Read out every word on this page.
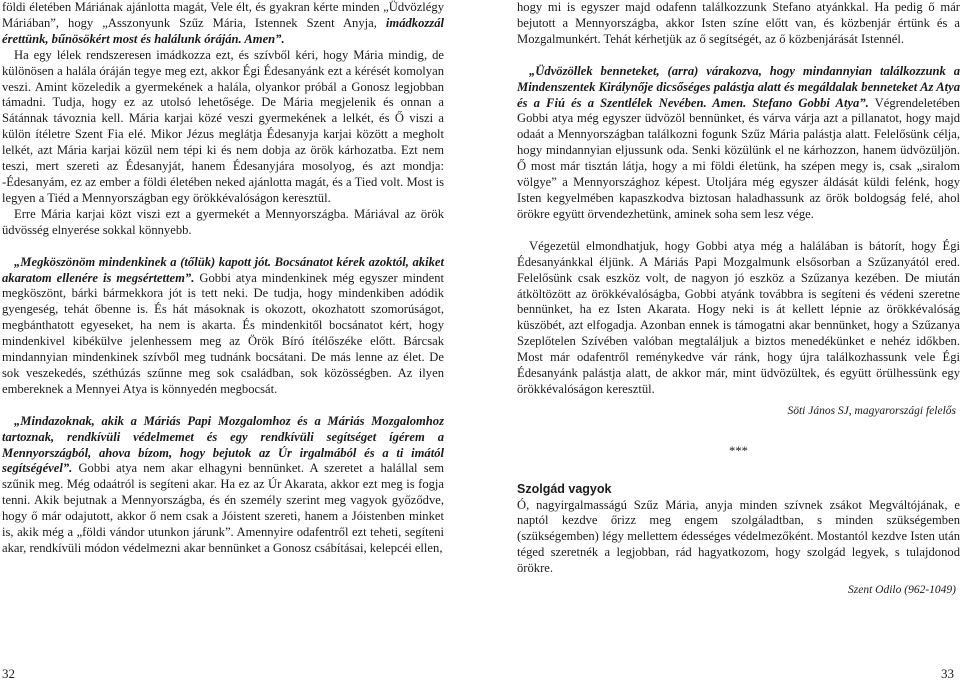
földi életében Máriának ajánlotta magát, Vele élt, és gyakran kérte minden „Üdvözlégy Máriában”, hogy „Asszonyunk Szűz Mária, Istennek Szent Anyja, imádkozzál érettünk, bűnösökért most és halálunk óráján. Amen”.

Ha egy lélek rendszeresen imádkozza ezt, és szívből kéri, hogy Mária mindig, de különösen a halála óráján tegye meg ezt, akkor Égi Édesanyánk ezt a kérését komolyan veszi. Amint közeledik a gyermekének a halála, olyankor próbál a Gonosz legjobban támadni. Tudja, hogy ez az utolsó lehetősége. De Mária megjelenik és onnan a Sátánnak távoznia kell. Mária karjai közé veszi gyermekének a lelkét, és Ő viszi a külön ítéletre Szent Fia elé. Mikor Jézus meglátja Édesanyja karjai között a megholt lelkét, azt Mária karjai közül nem tépi ki és nem dobja az örök kárhozatba. Ezt nem teszi, mert szereti az Édesanyját, hanem Édesanyjára mosolyog, és azt mondja: -Édesanyám, ez az ember a földi életében neked ajánlotta magát, és a Tied volt. Most is legyen a Tiéd a Mennyországban egy örökkévalóságon keresztül.

Erre Mária karjai közt viszi ezt a gyermekét a Mennyországba. Máriával az örök üdvösség elnyerése sokkal könnyebb.

„Megköszönöm mindenkinek a (tőlük) kapott jót. Bocsánatot kérek azoktól, akiket akaratom ellenére is megsértettem”. Gobbi atya mindenkinek még egyszer mindent megköszönt, bárki bármekkora jót is tett neki. De tudja, hogy mindenkiben adódik gyengeség, tehát őbenne is. És hát másoknak is okozott, okozhatott szomorúságot, megbánthatott egyeseket, ha nem is akarta. És mindenkitől bocsánatot kért, hogy mindenkivel kibékülve jelenhessem meg az Örök Bíró ítélőszéke előtt. Bárcsak mindannyian mindenkinek szívből meg tudnánk bocsátani. De más lenne az élet. De sok veszekedés, széthúzás szűnne meg sok családban, sok közösségben. Az ilyen embereknek a Mennyei Atya is könnyedén megbocsát.

„Mindazoknak, akik a Máriás Papi Mozgalomhoz és a Máriás Mozgalomhoz tartoznak, rendkívüli védelmemet és egy rendkívüli segítséget ígérem a Mennyországból, ahova bízom, hogy bejutok az Úr irgalmából és a ti imától segítségével”. Gobbi atya nem akar elhagyni bennünket. A szeretet a halállal sem szűnik meg. Még odaátról is segíteni akar. Ha ez az Úr Akarata, akkor ezt meg is fogja tenni. Akik bejutnak a Mennyországba, és én személy szerint meg vagyok győződve, hogy ő már odajutott, akkor ő nem csak a Jóistent szereti, hanem a Jóistenben minket is, akik még a „földi vándor utunkon járunk”. Amennyire odafentről ezt teheti, segíteni akar, rendkívüli módon védelmezni akar bennünket a Gonosz csábításai, kelepcéi ellen,

hogy mi is egyszer majd odafenn találkozzunk Stefano atyánkkal. Ha pedig ő már bejutott a Mennyországba, akkor Isten színe előtt van, és közbenjár értünk és a Mozgalmunkért. Tehát kérhetjük az ő segítségét, az ő közbenjárását Istennél.

„Üdvözöllek benneteket, (arra) várakozva, hogy mindannyian találkozzunk a Mindenszentek Királynője dicsőséges palástja alatt és megáldalak benneteket Az Atya és a Fiú és a Szentlélek Nevében. Amen. Stefano Gobbi Atya”. Végrendeletében Gobbi atya még egyszer üdvözöl bennünket, és várva várja azt a pillanatot, hogy majd odaát a Mennyországban találkozni fogunk Szűz Mária palástja alatt. Felelősünk célja, hogy mindannyian eljussunk oda. Senki közülünk el ne kárhozzon, hanem üdvözüljön. Ő most már tisztán látja, hogy a mi földi életünk, ha szépen megy is, csak „siralom völgye” a Mennyországhoz képest. Utoljára még egyszer áldását küldi felénk, hogy Isten kegyelmében kapaszkodva biztosan haladhassunk az örök boldogság felé, ahol örökre együtt örvendezhetünk, aminek soha sem lesz vége.

Végezetül elmondhatjuk, hogy Gobbi atya még a halálában is bátorít, hogy Égi Édesanyánkkal éljünk. A Máriás Papi Mozgalmunk elsősorban a Szűzanyától ered. Felelősünk csak eszköz volt, de nagyon jó eszköz a Szűzanya kezében. De miután átköltözött az örökkévalóságba, Gobbi atyánk továbbra is segíteni és védeni szeretne bennünket, ha ez Isten Akarata. Hogy neki is át kellett lépnie az örökkévalóság küszöbét, azt elfogadja. Azonban ennek is támogatni akar bennünket, hogy a Szűzanya Szeplőtelen Szívében valóban megtaláljuk a biztos menedékünket e nehéz időkben. Most már odafentről reménykedve vár ránk, hogy újra találkozhassunk vele Égi Édesanyánk palástja alatt, de akkor már, mint üdvözültek, és együtt örülhessünk egy örökkévalóságon keresztül.

Söti János SJ, magyarországi felelős

***

Szolgád vagyok

Ó, nagyirgalmasságú Szűz Mária, anyja minden szívnek zsákot Megváltójának, e naptól kezdve őrizz meg engem szolgáladtban, s minden szükségemben (szükségemben) légy mellettem édességes védelmezőként. Mostantól kezdve Isten után téged szeretnék a legjobban, rád hagyatkozom, hogy szolgád legyek, s tulajdonod örökre.

Szent Odilo (962-1049)

32	33
